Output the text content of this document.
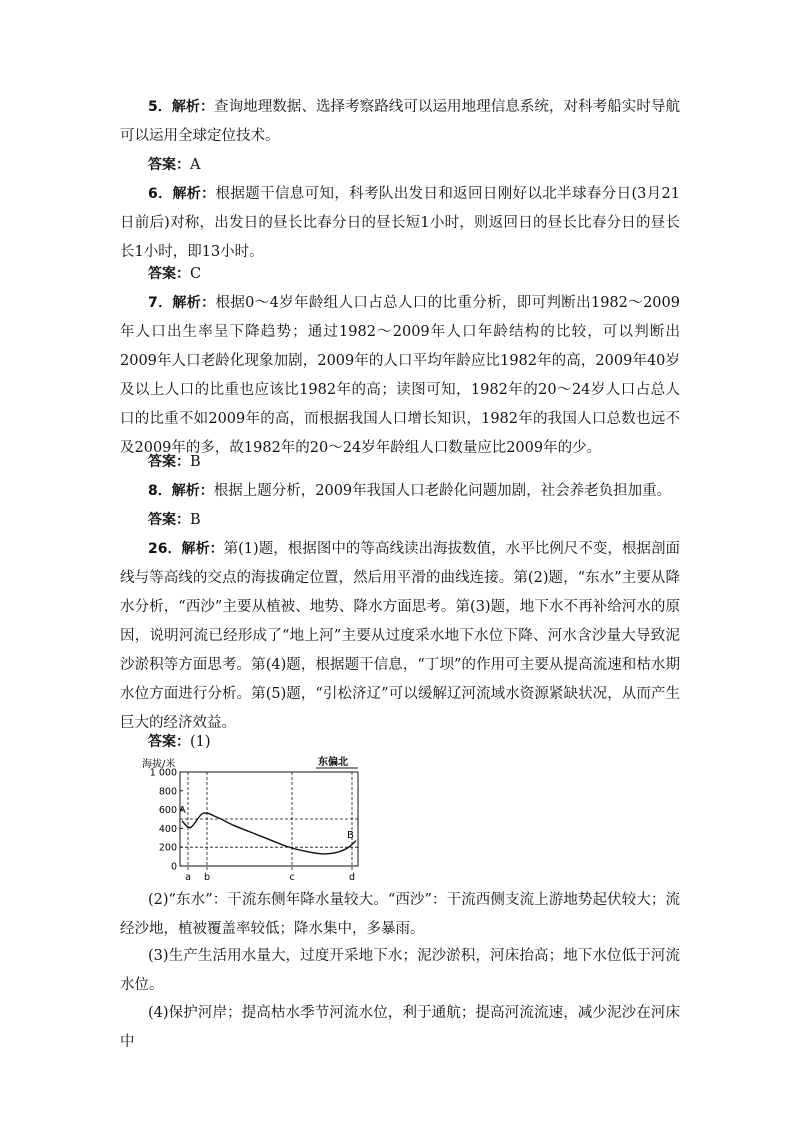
5．解析：查询地理数据、选择考察路线可以运用地理信息系统，对科考船实时导航可以运用全球定位技术。

答案：A

6．解析：根据题干信息可知，科考队出发日和返回日刚好以北半球春分日(3月21日前后)对称，出发日的昼长比春分日的昼长短1小时，则返回日的昼长比春分日的昼长长1小时，即13小时。

答案：C

7．解析：根据0～4岁年龄组人口占总人口的比重分析，即可判断出1982～2009年人口出生率呈下降趋势；通过1982～2009年人口年龄结构的比较，可以判断出2009年人口老龄化现象加剧，2009年的人口平均年龄应比1982年的高，2009年40岁及以上人口的比重也应该比1982年的高；读图可知，1982年的20～24岁人口占总人口的比重不如2009年的高，而根据我国人口增长知识，1982年的我国人口总数也远不及2009年的多，故1982年的20～24岁年龄组人口数量应比2009年的少。

答案：B

8．解析：根据上题分析，2009年我国人口老龄化问题加剧，社会养老负担加重。

答案：B

26．解析：第(1)题，根据图中的等高线读出海拔数值，水平比例尺不变，根据剖面线与等高线的交点的海拔确定位置，然后用平滑的曲线连接。第(2)题，“东水”主要从降水分析，“西沙”主要从植被、地势、降水方面思考。第(3)题，地下水不再补给河水的原因，说明河流已经形成了“地上河”主要从过度采水地下水位下降、河水含沙量大导致泥沙淤积等方面思考。第(4)题，根据题干信息，“丁坝”的作用可主要从提高流速和枯水期水位方面进行分析。第(5)题，“引松济辽”可以缓解辽河流域水资源紧缺状况，从而产生巨大的经济效益。

答案：(1)

海拔/米	东偏北
1 000
800
600
400
200
0
a b	c	d
A
B

(2)“东水”：干流东侧年降水量较大。“西沙”：干流西侧支流上游地势起伏较大；流经沙地，植被覆盖率较低；降水集中，多暴雨。

(3)生产生活用水量大，过度开采地下水；泥沙淤积，河床抬高；地下水位低于河流水位。

(4)保护河岸；提高枯水季节河流水位，利于通航；提高河流流速，减少泥沙在河床中
